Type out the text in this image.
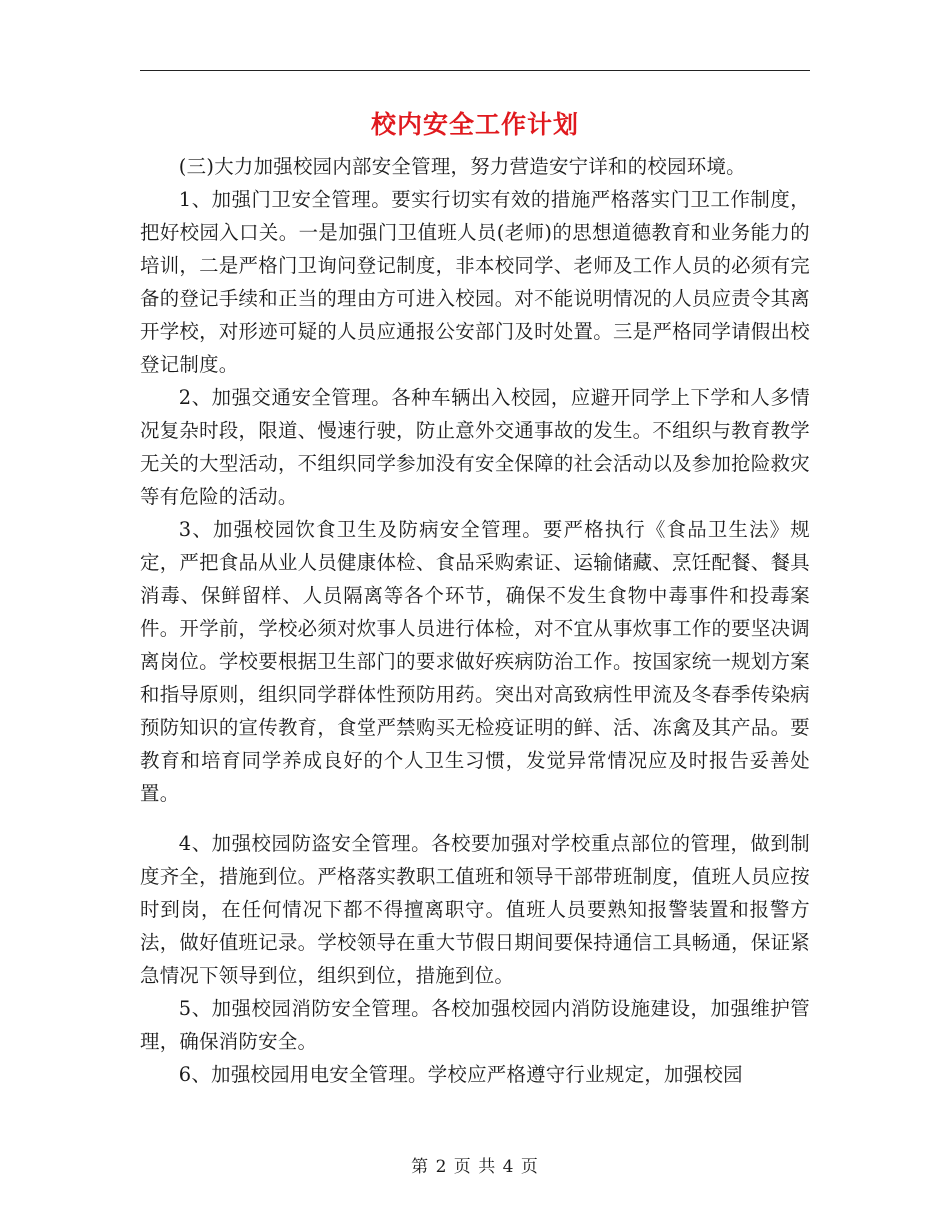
校内安全工作计划

(三)大力加强校园内部安全管理，努力营造安宁详和的校园环境。

1、加强门卫安全管理。要实行切实有效的措施严格落实门卫工作制度，把好校园入口关。一是加强门卫值班人员(老师)的思想道德教育和业务能力的培训，二是严格门卫询问登记制度，非本校同学、老师及工作人员的必须有完备的登记手续和正当的理由方可进入校园。对不能说明情况的人员应责令其离开学校，对形迹可疑的人员应通报公安部门及时处置。三是严格同学请假出校登记制度。

2、加强交通安全管理。各种车辆出入校园，应避开同学上下学和人多情况复杂时段，限道、慢速行驶，防止意外交通事故的发生。不组织与教育教学无关的大型活动，不组织同学参加没有安全保障的社会活动以及参加抢险救灾等有危险的活动。

3、加强校园饮食卫生及防病安全管理。要严格执行《食品卫生法》规定，严把食品从业人员健康体检、食品采购索证、运输储藏、烹饪配餐、餐具消毒、保鲜留样、人员隔离等各个环节，确保不发生食物中毒事件和投毒案件。开学前，学校必须对炊事人员进行体检，对不宜从事炊事工作的要坚决调离岗位。学校要根据卫生部门的要求做好疾病防治工作。按国家统一规划方案和指导原则，组织同学群体性预防用药。突出对高致病性甲流及冬春季传染病预防知识的宣传教育，食堂严禁购买无检疫证明的鲜、活、冻禽及其产品。要教育和培育同学养成良好的个人卫生习惯，发觉异常情况应及时报告妥善处置。

4、加强校园防盗安全管理。各校要加强对学校重点部位的管理，做到制度齐全，措施到位。严格落实教职工值班和领导干部带班制度，值班人员应按时到岗，在任何情况下都不得擅离职守。值班人员要熟知报警装置和报警方法，做好值班记录。学校领导在重大节假日期间要保持通信工具畅通，保证紧急情况下领导到位，组织到位，措施到位。

5、加强校园消防安全管理。各校加强校园内消防设施建设，加强维护管理，确保消防安全。

6、加强校园用电安全管理。学校应严格遵守行业规定，加强校园

第 2 页 共 4 页
